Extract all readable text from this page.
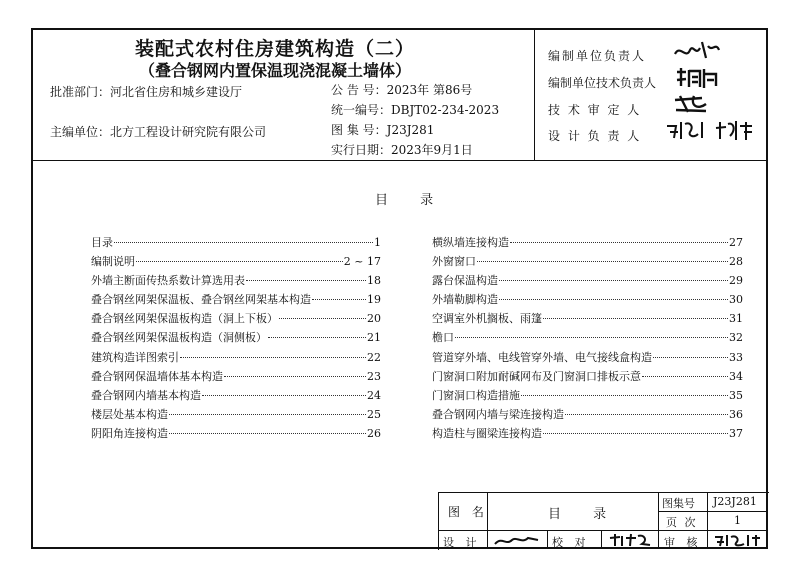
装配式农村住房建筑构造（二）
（叠合钢网内置保温现浇混凝土墙体）
批准部门：河北省住房和城乡建设厅
主编单位：北方工程设计研究院有限公司
公 告 号：2023年 第86号
统一编号：DBJT02-234-2023
图 集 号：J23J281
实行日期：2023年9月1日
编制单位负责人
编制单位技术负责人
技 术 审 定 人
设 计 负 责 人
目 录
目录	1
编制说明	2 ~ 17
外墙主断面传热系数计算选用表	18
叠合钢丝网架保温板、叠合钢丝网架基本构造	19
叠合钢丝网架保温板构造（洞上下板）	20
叠合钢丝网架保温板构造（洞侧板）	21
建筑构造详图索引	22
叠合钢网保温墙体基本构造	23
叠合钢网内墙基本构造	24
楼层处基本构造	25
阴阳角连接构造	26
横纵墙连接构造	27
外窗窗口	28
露台保温构造	29
外墙勒脚构造	30
空调室外机搁板、雨篷	31
檐口	32
管道穿外墙、电线管穿外墙、电气接线盒构造	33
门窗洞口附加耐碱网布及门窗洞口排板示意	34
门窗洞口构造措施	35
叠合钢网内墙与梁连接构造	36
构造柱与圈梁连接构造	37
图 名	目 录
图集号 J23J281
页 次	1
设 计	校 对	审 核
